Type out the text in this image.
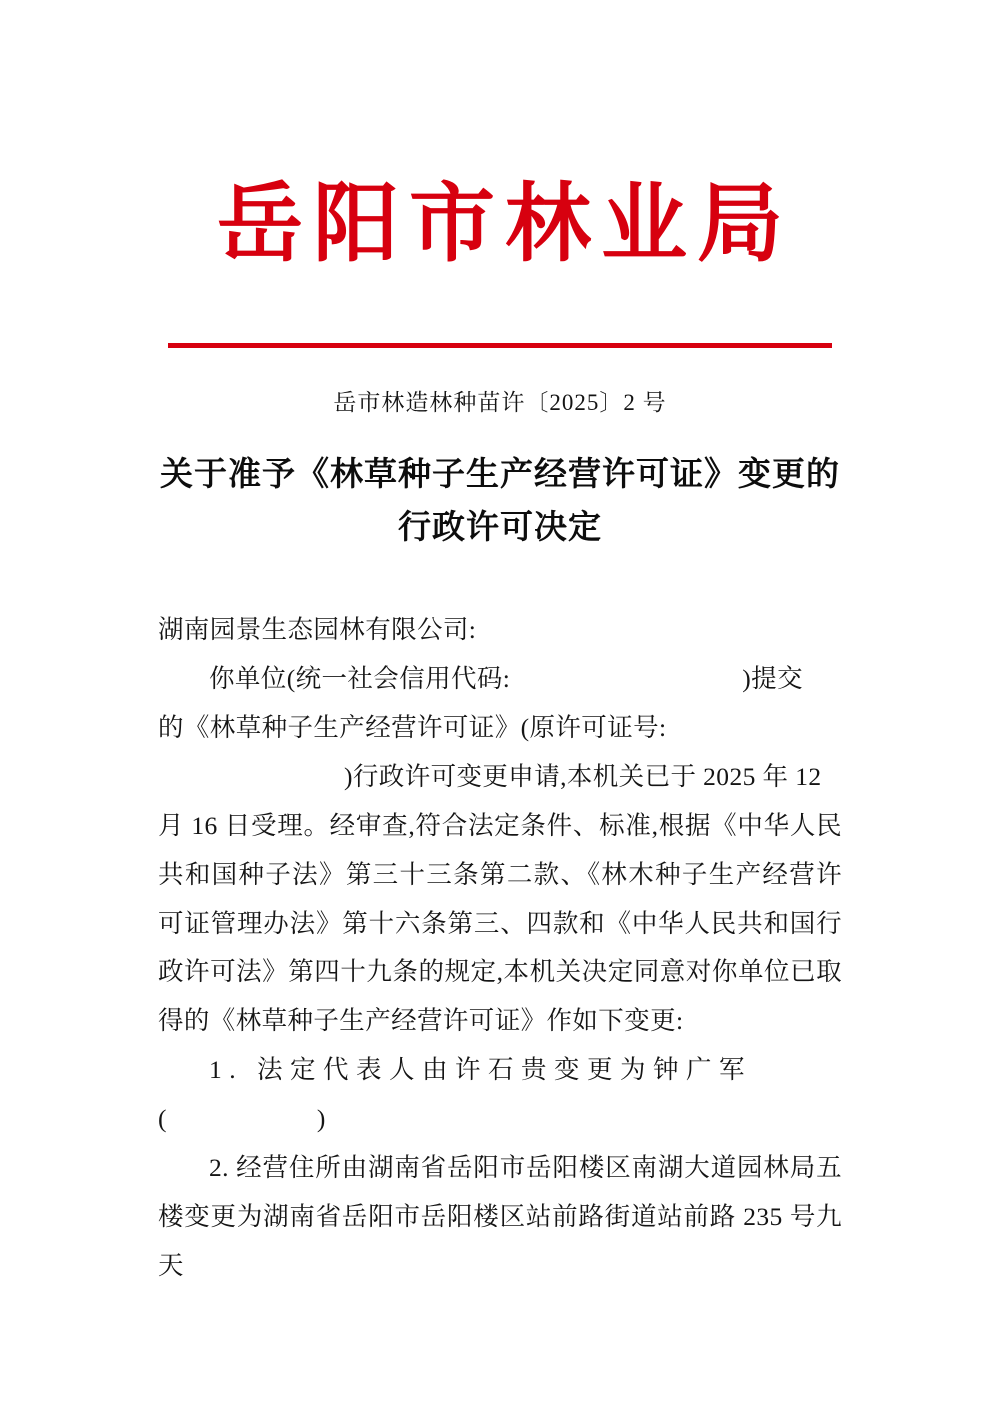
岳阳市林业局
岳市林造林种苗许〔2025〕2 号
关于准予《林草种子生产经营许可证》变更的
行政许可决定

湖南园景生态园林有限公司:

你单位(统一社会信用代码:	)提交

的《林草种子生产经营许可证》(原许可证号:

)行政许可变更申请,本机关已于 2025 年 12

月 16 日受理。经审查,符合法定条件、标准,根据《中华人民共和国种子法》第三十三条第二款、《林木种子生产经营许可证管理办法》第十六条第三、四款和《中华人民共和国行政许可法》第四十九条的规定,本机关决定同意对你单位已取得的《林草种子生产经营许可证》作如下变更:

1. 法定代表人由许石贵变更为钟广军

(	)

2. 经营住所由湖南省岳阳市岳阳楼区南湖大道园林局五楼变更为湖南省岳阳市岳阳楼区站前路街道站前路 235 号九天
